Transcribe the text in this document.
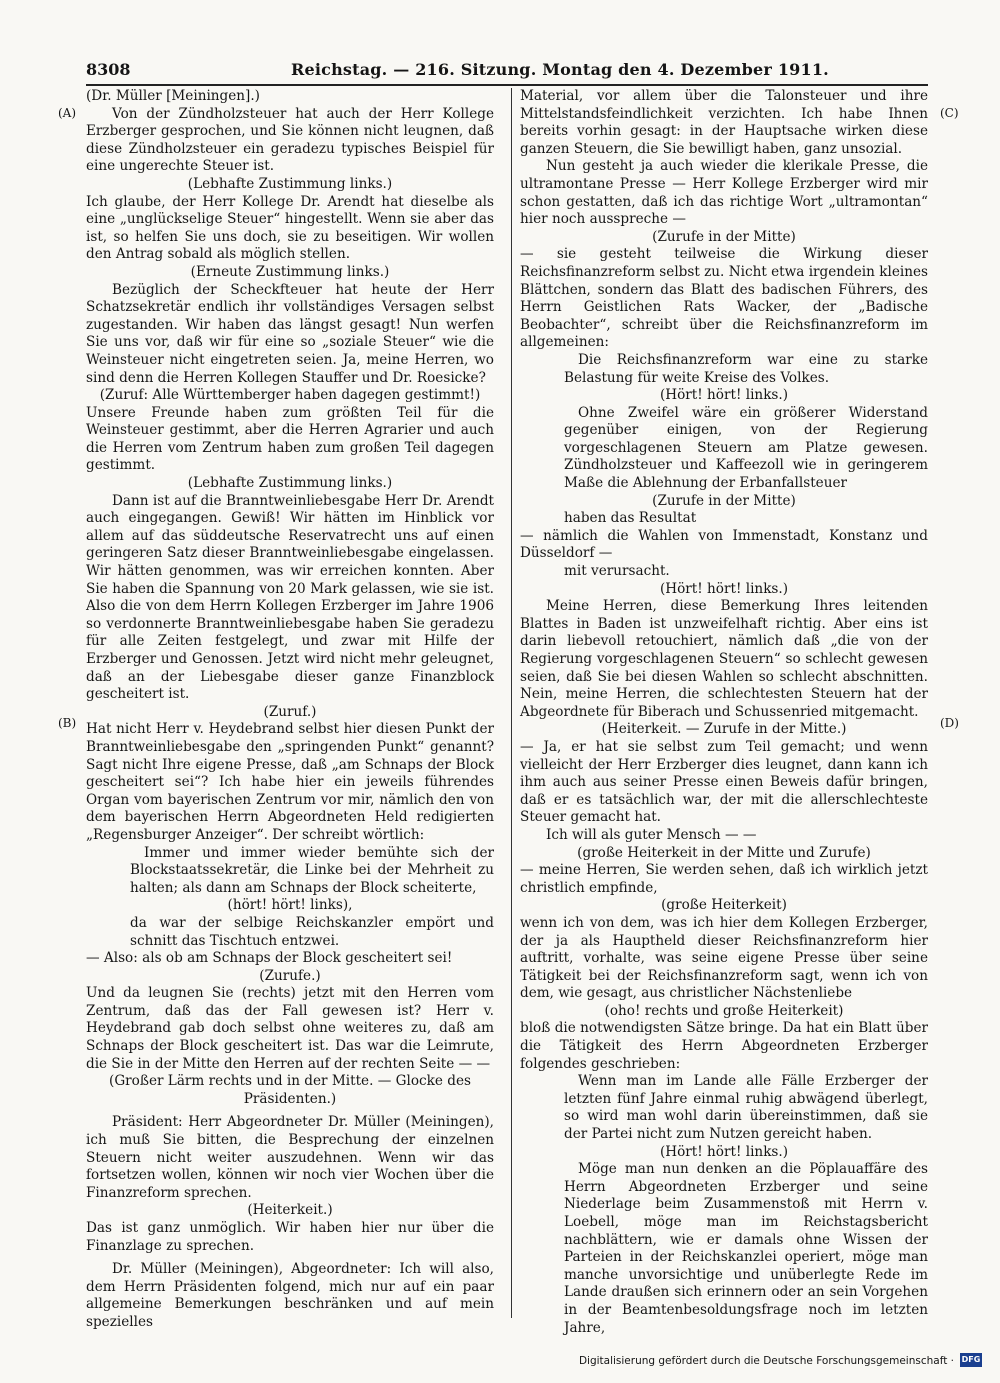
8308	Reichstag. — 216. Sitzung. Montag den 4. Dezember 1911.
(A)
(B)
(C)
(D)

(Dr. Müller [Meiningen].)

Von der Zündholzsteuer hat auch der Herr Kollege Erzberger gesprochen, und Sie können nicht leugnen, daß diese Zündholzsteuer ein geradezu typisches Beispiel für eine ungerechte Steuer ist.

(Lebhafte Zustimmung links.)

Ich glaube, der Herr Kollege Dr. Arendt hat dieselbe als eine „unglückselige Steuer“ hingestellt. Wenn sie aber das ist, so helfen Sie uns doch, sie zu beseitigen. Wir wollen den Antrag sobald als möglich stellen.

(Erneute Zustimmung links.)

Bezüglich der Scheckfteuer hat heute der Herr Schatzsekretär endlich ihr vollständiges Versagen selbst zugestanden. Wir haben das längst gesagt! Nun werfen Sie uns vor, daß wir für eine so „soziale Steuer“ wie die Weinsteuer nicht eingetreten seien. Ja, meine Herren, wo sind denn die Herren Kollegen Stauffer und Dr. Roesicke?

(Zuruf: Alle Württemberger haben dagegen gestimmt!)

Unsere Freunde haben zum größten Teil für die Weinsteuer gestimmt, aber die Herren Agrarier und auch die Herren vom Zentrum haben zum großen Teil dagegen gestimmt.

(Lebhafte Zustimmung links.)

Dann ist auf die Branntweinliebesgabe Herr Dr. Arendt auch eingegangen. Gewiß! Wir hätten im Hinblick vor allem auf das süddeutsche Reservatrecht uns auf einen geringeren Satz dieser Branntweinliebesgabe eingelassen. Wir hätten genommen, was wir erreichen konnten. Aber Sie haben die Spannung von 20 Mark gelassen, wie sie ist. Also die von dem Herrn Kollegen Erzberger im Jahre 1906 so verdonnerte Branntweinliebesgabe haben Sie geradezu für alle Zeiten festgelegt, und zwar mit Hilfe der Erzberger und Genossen. Jetzt wird nicht mehr geleugnet, daß an der Liebesgabe dieser ganze Finanzblock gescheitert ist.

(Zuruf.)

Hat nicht Herr v. Heydebrand selbst hier diesen Punkt der Branntweinliebesgabe den „springenden Punkt“ genannt? Sagt nicht Ihre eigene Presse, daß „am Schnaps der Block gescheitert sei“? Ich habe hier ein jeweils führendes Organ vom bayerischen Zentrum vor mir, nämlich den von dem bayerischen Herrn Abgeordneten Held redigierten „Regensburger Anzeiger“. Der schreibt wörtlich:

Immer und immer wieder bemühte sich der Blockstaatssekretär, die Linke bei der Mehrheit zu halten; als dann am Schnaps der Block scheiterte,

(hört! hört! links),

da war der selbige Reichskanzler empört und schnitt das Tischtuch entzwei.

— Also: als ob am Schnaps der Block gescheitert sei!

(Zurufe.)

Und da leugnen Sie (rechts) jetzt mit den Herren vom Zentrum, daß das der Fall gewesen ist? Herr v. Heydebrand gab doch selbst ohne weiteres zu, daß am Schnaps der Block gescheitert ist. Das war die Leimrute, die Sie in der Mitte den Herren auf der rechten Seite — —

(Großer Lärm rechts und in der Mitte. — Glocke des Präsidenten.)

Präsident: Herr Abgeordneter Dr. Müller (Meiningen), ich muß Sie bitten, die Besprechung der einzelnen Steuern nicht weiter auszudehnen. Wenn wir das fortsetzen wollen, können wir noch vier Wochen über die Finanzreform sprechen.

(Heiterkeit.)

Das ist ganz unmöglich. Wir haben hier nur über die Finanzlage zu sprechen.

Dr. Müller (Meiningen), Abgeordneter: Ich will also, dem Herrn Präsidenten folgend, mich nur auf ein paar allgemeine Bemerkungen beschränken und auf mein spezielles

Material, vor allem über die Talonsteuer und ihre Mittelstandsfeindlichkeit verzichten. Ich habe Ihnen bereits vorhin gesagt: in der Hauptsache wirken diese ganzen Steuern, die Sie bewilligt haben, ganz unsozial.

Nun gesteht ja auch wieder die klerikale Presse, die ultramontane Presse — Herr Kollege Erzberger wird mir schon gestatten, daß ich das richtige Wort „ultramontan“ hier noch ausspreche —

(Zurufe in der Mitte)

— sie gesteht teilweise die Wirkung dieser Reichsfinanzreform selbst zu. Nicht etwa irgendein kleines Blättchen, sondern das Blatt des badischen Führers, des Herrn Geistlichen Rats Wacker, der „Badische Beobachter“, schreibt über die Reichsfinanzreform im allgemeinen:

Die Reichsfinanzreform war eine zu starke Belastung für weite Kreise des Volkes.

(Hört! hört! links.)

Ohne Zweifel wäre ein größerer Widerstand gegenüber einigen, von der Regierung vorgeschlagenen Steuern am Platze gewesen. Zündholzsteuer und Kaffeezoll wie in geringerem Maße die Ablehnung der Erbanfallsteuer

(Zurufe in der Mitte)

haben das Resultat

— nämlich die Wahlen von Immenstadt, Konstanz und Düsseldorf —

mit verursacht.

(Hört! hört! links.)

Meine Herren, diese Bemerkung Ihres leitenden Blattes in Baden ist unzweifelhaft richtig. Aber eins ist darin liebevoll retouchiert, nämlich daß „die von der Regierung vorgeschlagenen Steuern“ so schlecht gewesen seien, daß Sie bei diesen Wahlen so schlecht abschnitten. Nein, meine Herren, die schlechtesten Steuern hat der Abgeordnete für Biberach und Schussenried mitgemacht.

(Heiterkeit. — Zurufe in der Mitte.)

— Ja, er hat sie selbst zum Teil gemacht; und wenn vielleicht der Herr Erzberger dies leugnet, dann kann ich ihm auch aus seiner Presse einen Beweis dafür bringen, daß er es tatsächlich war, der mit die allerschlechteste Steuer gemacht hat.

Ich will als guter Mensch — —

(große Heiterkeit in der Mitte und Zurufe)

— meine Herren, Sie werden sehen, daß ich wirklich jetzt christlich empfinde,

(große Heiterkeit)

wenn ich von dem, was ich hier dem Kollegen Erzberger, der ja als Hauptheld dieser Reichsfinanzreform hier auftritt, vorhalte, was seine eigene Presse über seine Tätigkeit bei der Reichsfinanzreform sagt, wenn ich von dem, wie gesagt, aus christlicher Nächstenliebe

(oho! rechts und große Heiterkeit)

bloß die notwendigsten Sätze bringe. Da hat ein Blatt über die Tätigkeit des Herrn Abgeordneten Erzberger folgendes geschrieben:

Wenn man im Lande alle Fälle Erzberger der letzten fünf Jahre einmal ruhig abwägend überlegt, so wird man wohl darin übereinstimmen, daß sie der Partei nicht zum Nutzen gereicht haben.

(Hört! hört! links.)

Möge man nun denken an die Pöplauaffäre des Herrn Abgeordneten Erzberger und seine Niederlage beim Zusammenstoß mit Herrn v. Loebell, möge man im Reichstagsbericht nachblättern, wie er damals ohne Wissen der Parteien in der Reichskanzlei operiert, möge man manche unvorsichtige und unüberlegte Rede im Lande draußen sich erinnern oder an sein Vorgehen in der Beamtenbesoldungsfrage noch im letzten Jahre,

Digitalisierung gefördert durch die Deutsche Forschungsgemeinschaft · DFG
